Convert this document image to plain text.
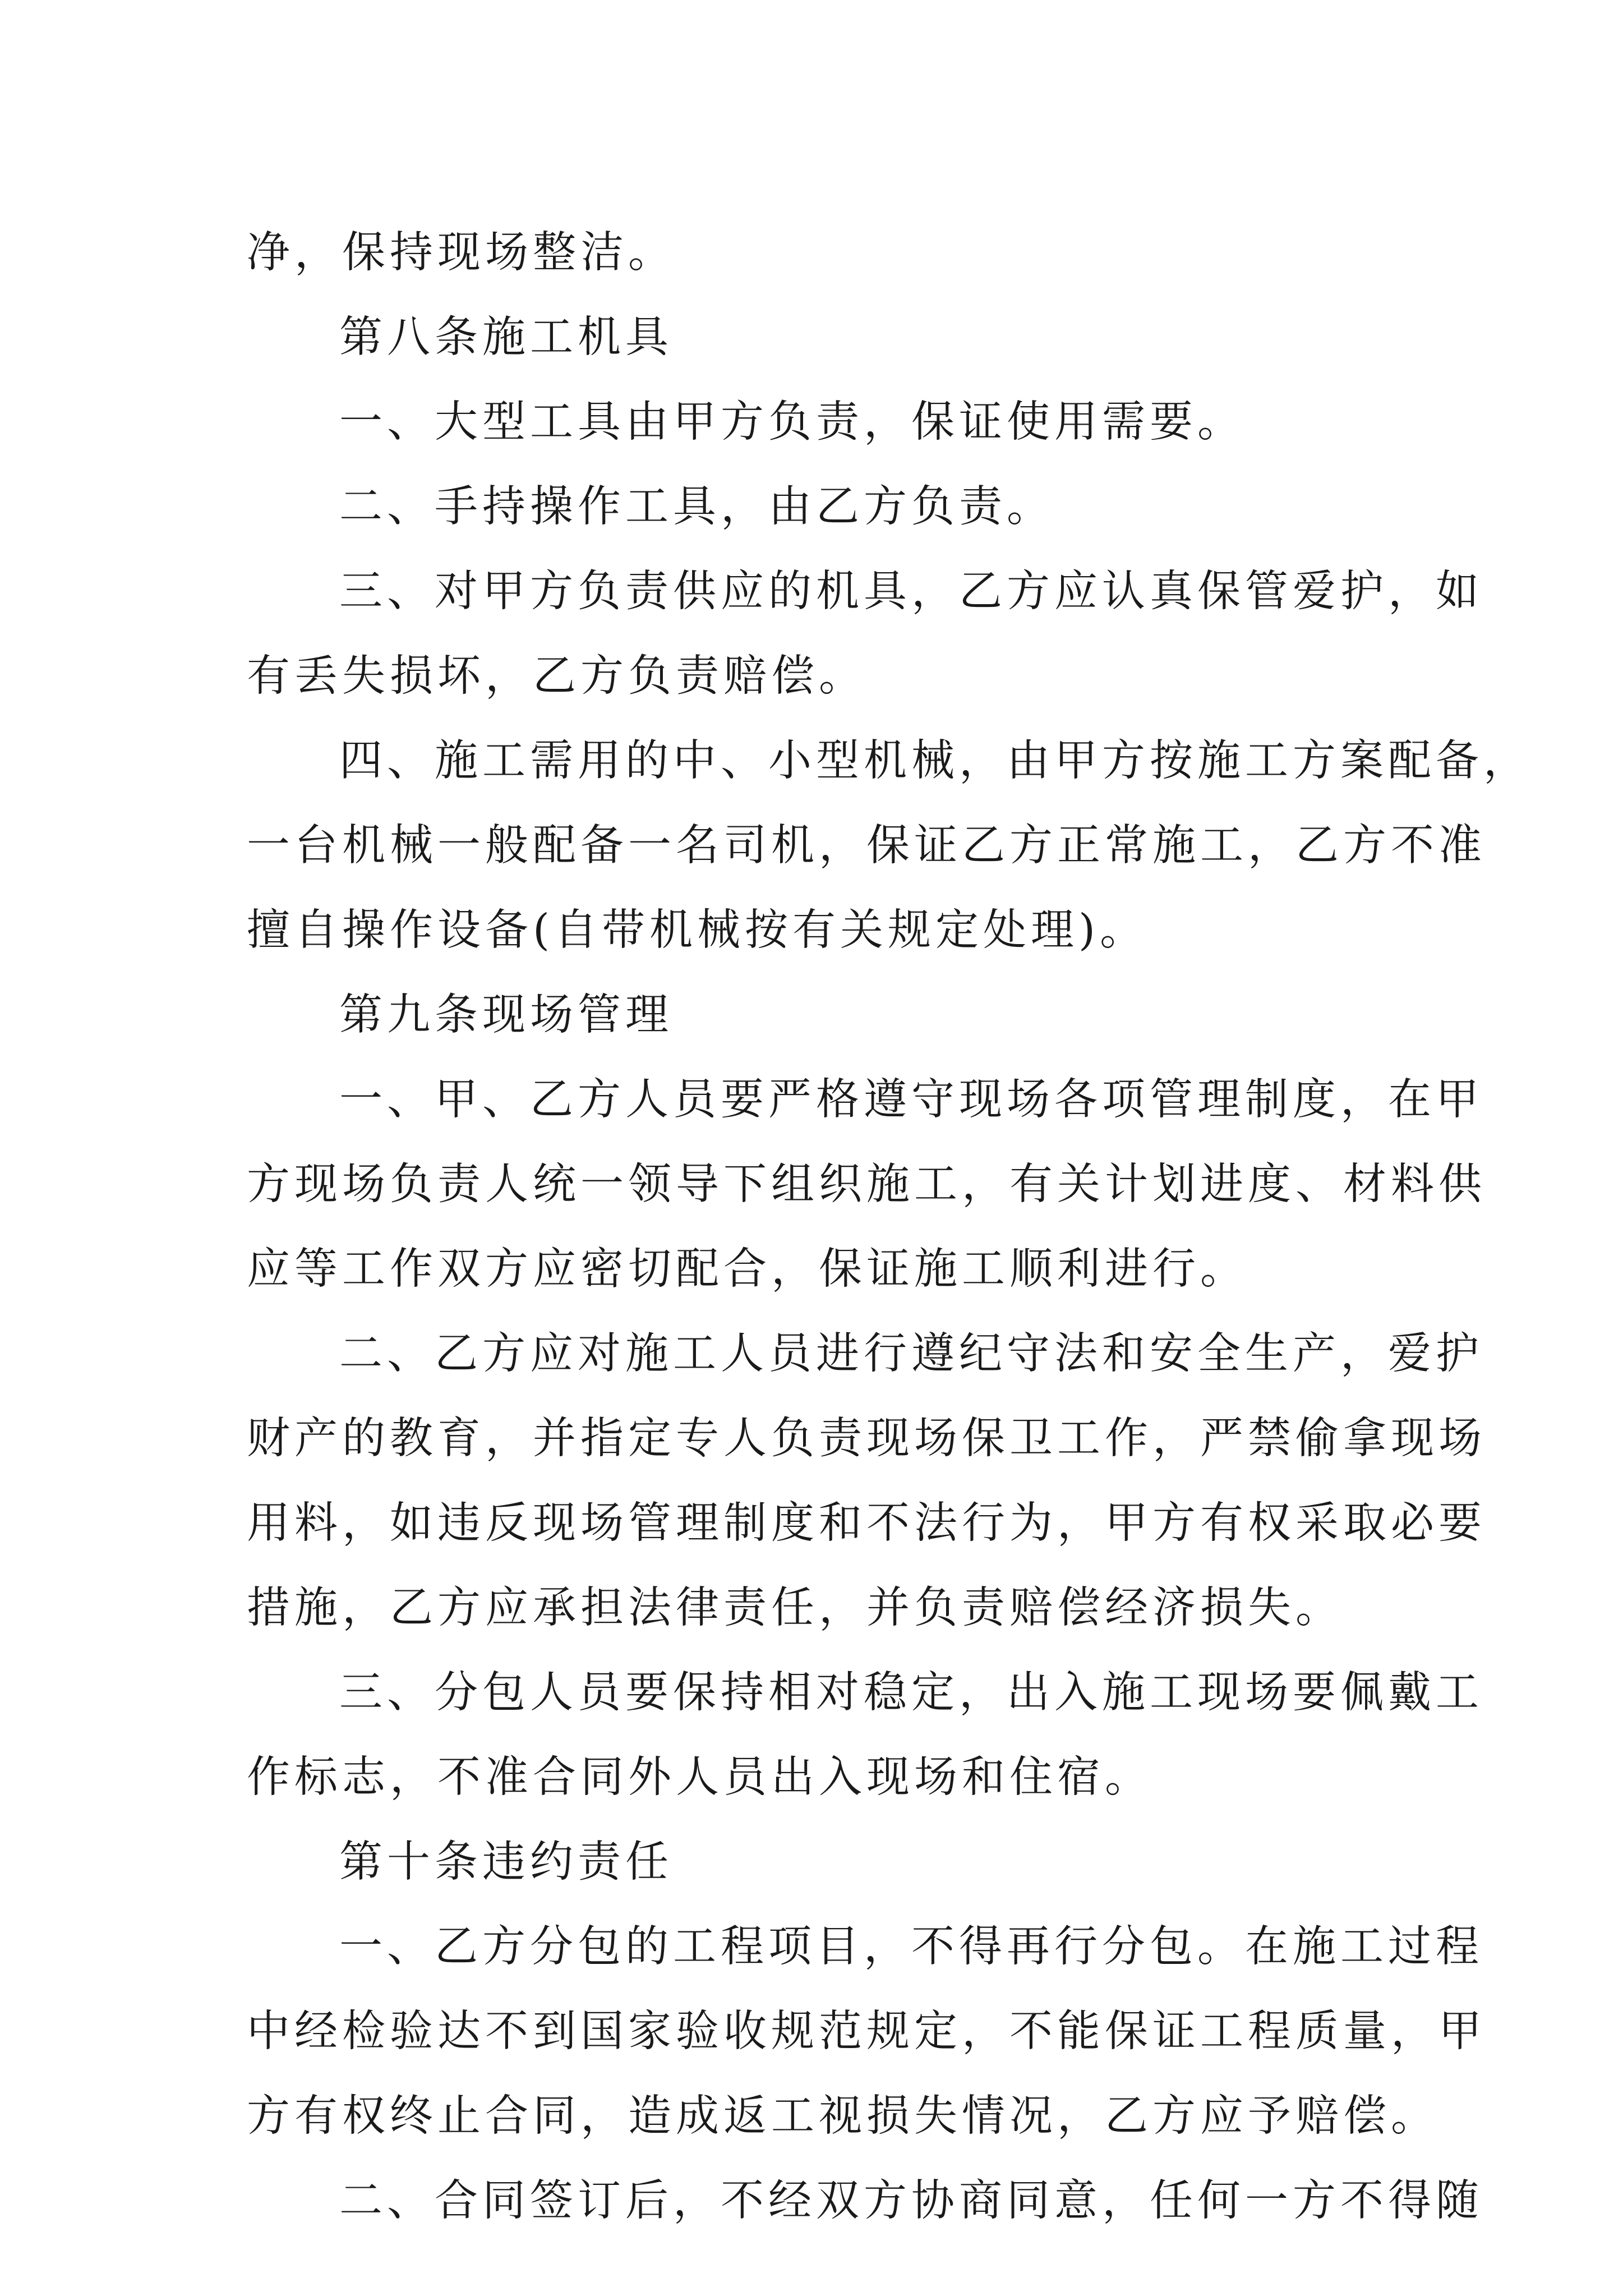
净，保持现场整洁。
第八条施工机具
一、大型工具由甲方负责，保证使用需要。
二、手持操作工具，由乙方负责。
三、对甲方负责供应的机具，乙方应认真保管爱护，如
有丢失损坏，乙方负责赔偿。
四、施工需用的中、小型机械，由甲方按施工方案配备，
一台机械一般配备一名司机，保证乙方正常施工，乙方不准
擅自操作设备(自带机械按有关规定处理)。
第九条现场管理
一、甲、乙方人员要严格遵守现场各项管理制度，在甲
方现场负责人统一领导下组织施工，有关计划进度、材料供
应等工作双方应密切配合，保证施工顺利进行。
二、乙方应对施工人员进行遵纪守法和安全生产，爱护
财产的教育，并指定专人负责现场保卫工作，严禁偷拿现场
用料，如违反现场管理制度和不法行为，甲方有权采取必要
措施，乙方应承担法律责任，并负责赔偿经济损失。
三、分包人员要保持相对稳定，出入施工现场要佩戴工
作标志，不准合同外人员出入现场和住宿。
第十条违约责任
一、乙方分包的工程项目，不得再行分包。在施工过程
中经检验达不到国家验收规范规定，不能保证工程质量，甲
方有权终止合同，造成返工视损失情况，乙方应予赔偿。
二、合同签订后，不经双方协商同意，任何一方不得随
